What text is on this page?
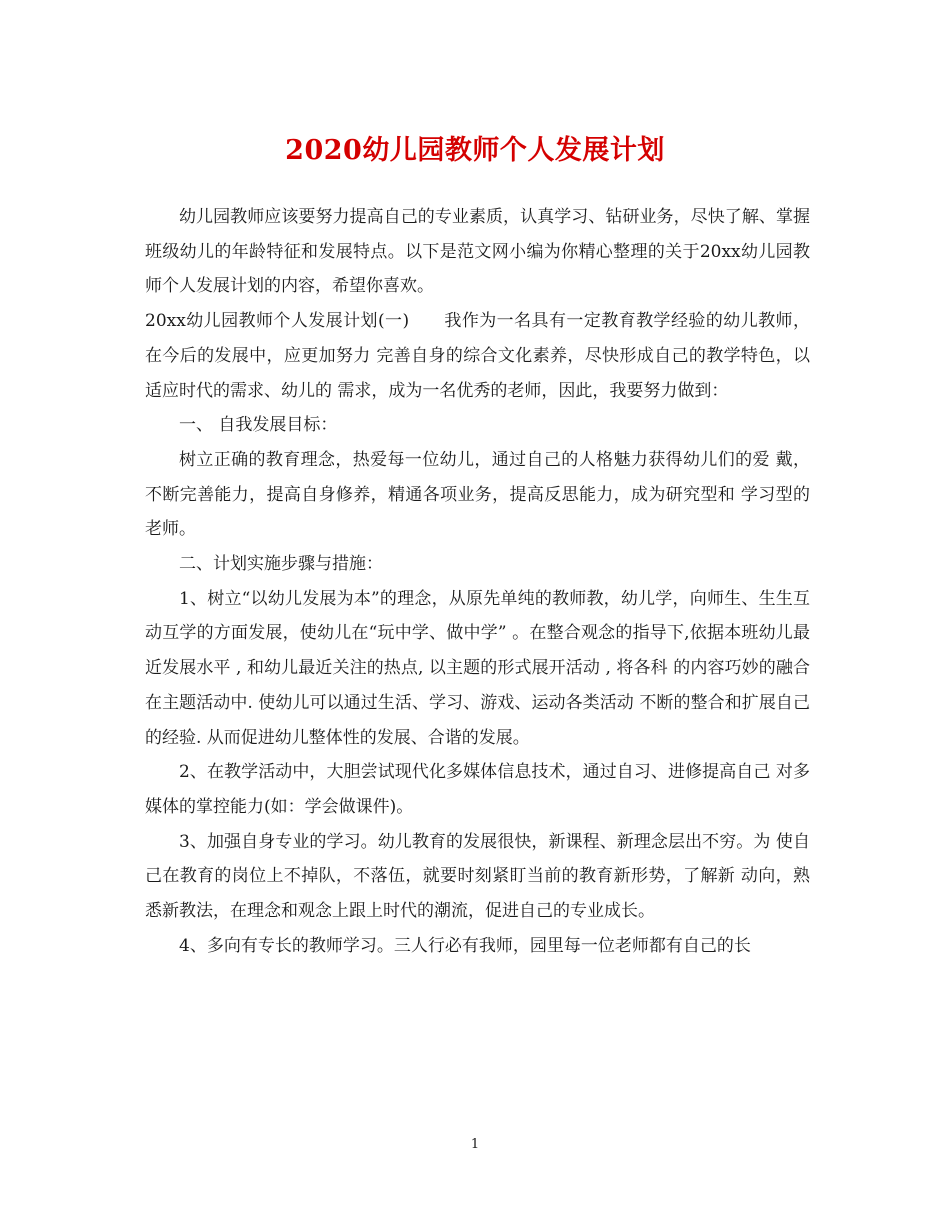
2020幼儿园教师个人发展计划

幼儿园教师应该要努力提高自己的专业素质，认真学习、钻研业务，尽快了解、掌握班级幼儿的年龄特征和发展特点。以下是范文网小编为你精心整理的关于20xx幼儿园教师个人发展计划的内容，希望你喜欢。

20xx幼儿园教师个人发展计划(一)　　我作为一名具有一定教育教学经验的幼儿教师，在今后的发展中，应更加努力 完善自身的综合文化素养，尽快形成自己的教学特色，以适应时代的需求、幼儿的 需求，成为一名优秀的老师，因此，我要努力做到：

一、 自我发展目标：

树立正确的教育理念，热爱每一位幼儿，通过自己的人格魅力获得幼儿们的爱 戴，不断完善能力，提高自身修养，精通各项业务，提高反思能力，成为研究型和 学习型的老师。

二、计划实施步骤与措施：

1、树立“以幼儿发展为本”的理念，从原先单纯的教师教，幼儿学，向师生、生生互动互学的方面发展，使幼儿在“玩中学、做中学” 。在整合观念的指导下,依据本班幼儿最近发展水平 , 和幼儿最近关注的热点, 以主题的形式展开活动 , 将各科 的内容巧妙的融合在主题活动中. 使幼儿可以通过生活、学习、游戏、运动各类活动 不断的整合和扩展自己的经验. 从而促进幼儿整体性的发展、合谐的发展。

2、在教学活动中，大胆尝试现代化多媒体信息技术，通过自习、进修提高自己 对多媒体的掌控能力(如：学会做课件)。

3、加强自身专业的学习。幼儿教育的发展很快，新课程、新理念层出不穷。为 使自己在教育的岗位上不掉队，不落伍，就要时刻紧盯当前的教育新形势，了解新 动向，熟悉新教法，在理念和观念上跟上时代的潮流，促进自己的专业成长。

4、多向有专长的教师学习。三人行必有我师，园里每一位老师都有自己的长

1
